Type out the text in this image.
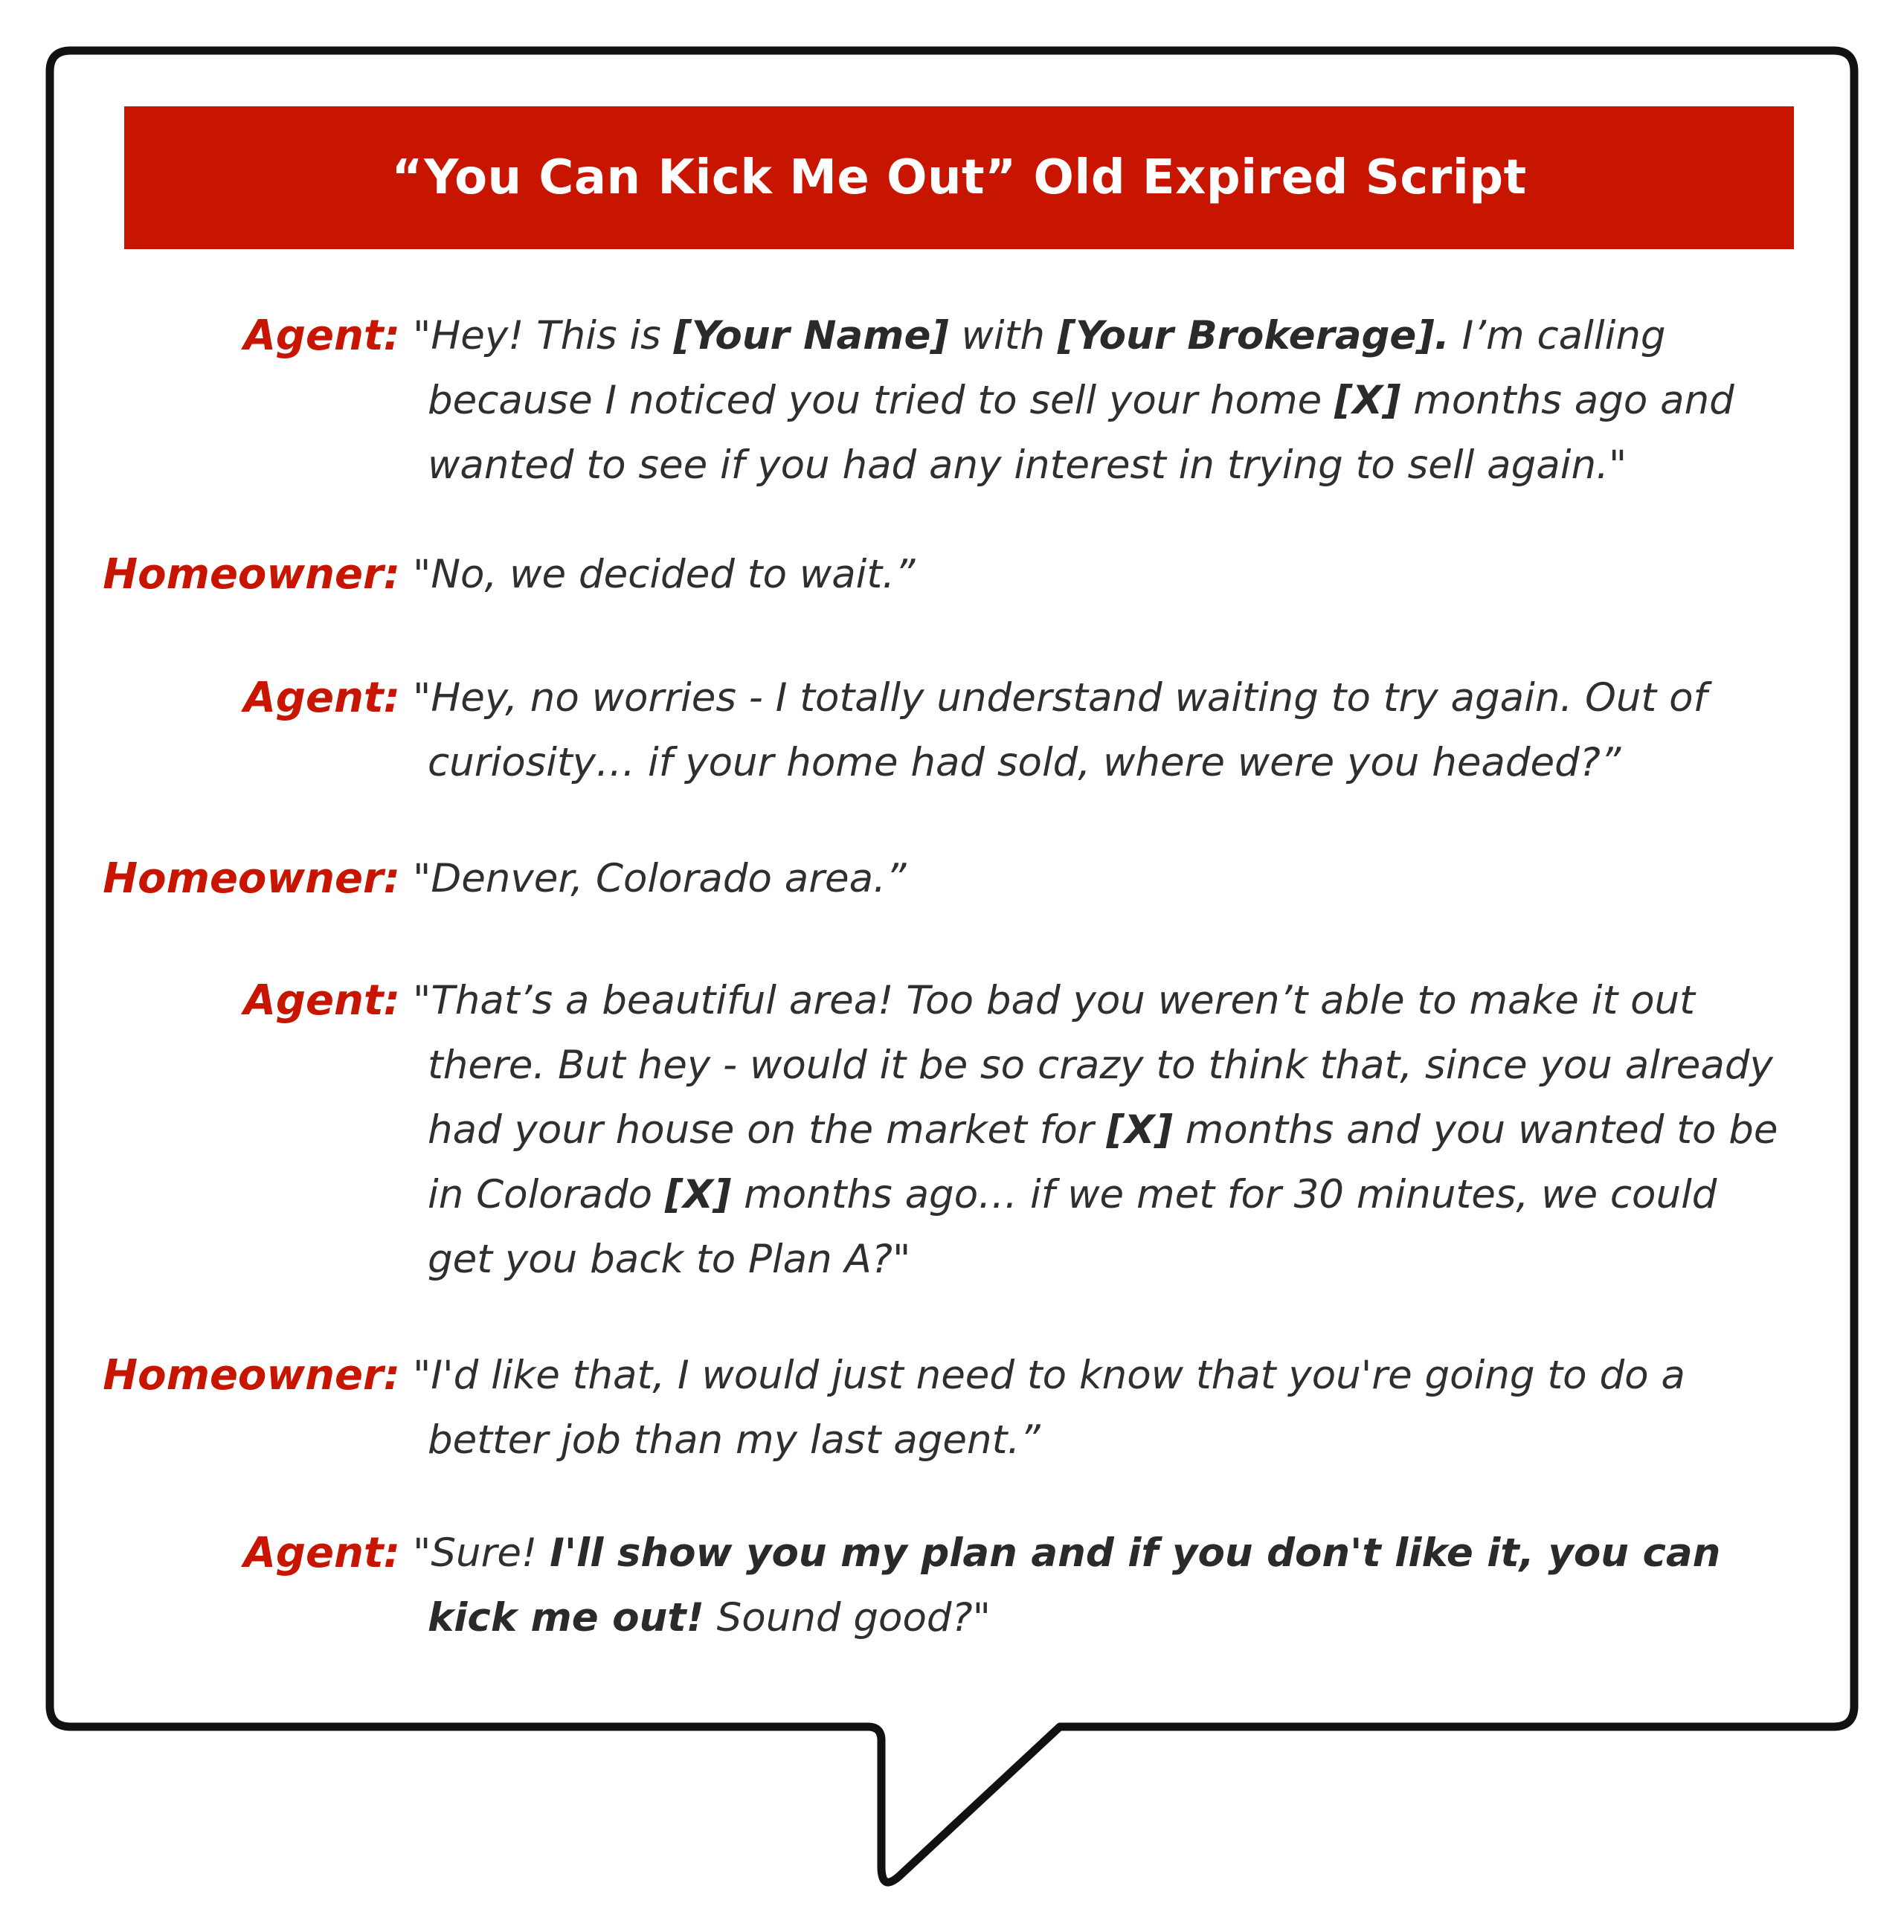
“You Can Kick Me Out” Old Expired Script
Agent: "Hey! This is [Your Name] with [Your Brokerage]. I’m calling because I noticed you tried to sell your home [X] months ago and wanted to see if you had any interest in trying to sell again."
Homeowner: "No, we decided to wait.”
Agent: "Hey, no worries - I totally understand waiting to try again. Out of curiosity… if your home had sold, where were you headed?”
Homeowner: "Denver, Colorado area.”
Agent: "That’s a beautiful area! Too bad you weren’t able to make it out there. But hey - would it be so crazy to think that, since you already had your house on the market for [X] months and you wanted to be in Colorado [X] months ago… if we met for 30 minutes, we could get you back to Plan A?"
Homeowner: "I'd like that, I would just need to know that you're going to do a better job than my last agent.”
Agent: "Sure! I'll show you my plan and if you don't like it, you can kick me out! Sound good?"
